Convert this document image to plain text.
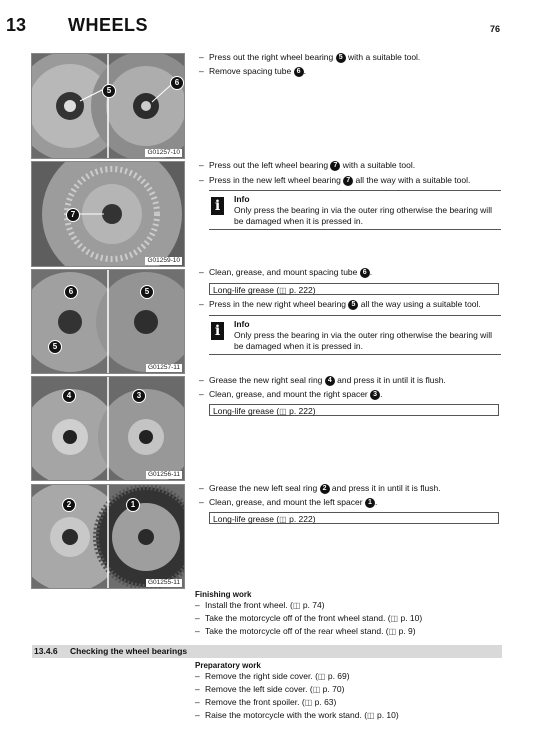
13 WHEELS	76
5
6
G01257-10
7
G01259-10
6	5
5
G01257-11
4	3
G01256-11
2	1
G01255-11
– Press out the right wheel bearing 5 with a suitable tool.
– Remove spacing tube 6 .
– Press out the left wheel bearing 7 with a suitable tool.
– Press in the new left wheel bearing 7 all the way with a suitable tool.
i	Info
Only press the bearing in via the outer ring otherwise the bearing will be damaged when it is pressed in.
– Clean, grease, and mount spacing tube 6 .
Long-life grease (◫ p. 222)
– Press in the new right wheel bearing 5 all the way using a suitable tool.
i	Info
Only press the bearing in via the outer ring otherwise the bearing will be damaged when it is pressed in.
– Grease the new right seal ring 4 and press it in until it is flush.
– Clean, grease, and mount the right spacer 3 .
Long-life grease (◫ p. 222)
– Grease the new left seal ring 2 and press it in until it is flush.
– Clean, grease, and mount the left spacer 1 .
Long-life grease (◫ p. 222)
Finishing work
– Install the front wheel. (◫ p. 74)
– Take the motorcycle off of the front wheel stand. (◫ p. 10)
– Take the motorcycle off of the rear wheel stand. (◫ p. 9)
13.4.6 Checking the wheel bearings
Preparatory work
– Remove the right side cover. (◫ p. 69)
– Remove the left side cover. (◫ p. 70)
– Remove the front spoiler. (◫ p. 63)
– Raise the motorcycle with the work stand. (◫ p. 10)
